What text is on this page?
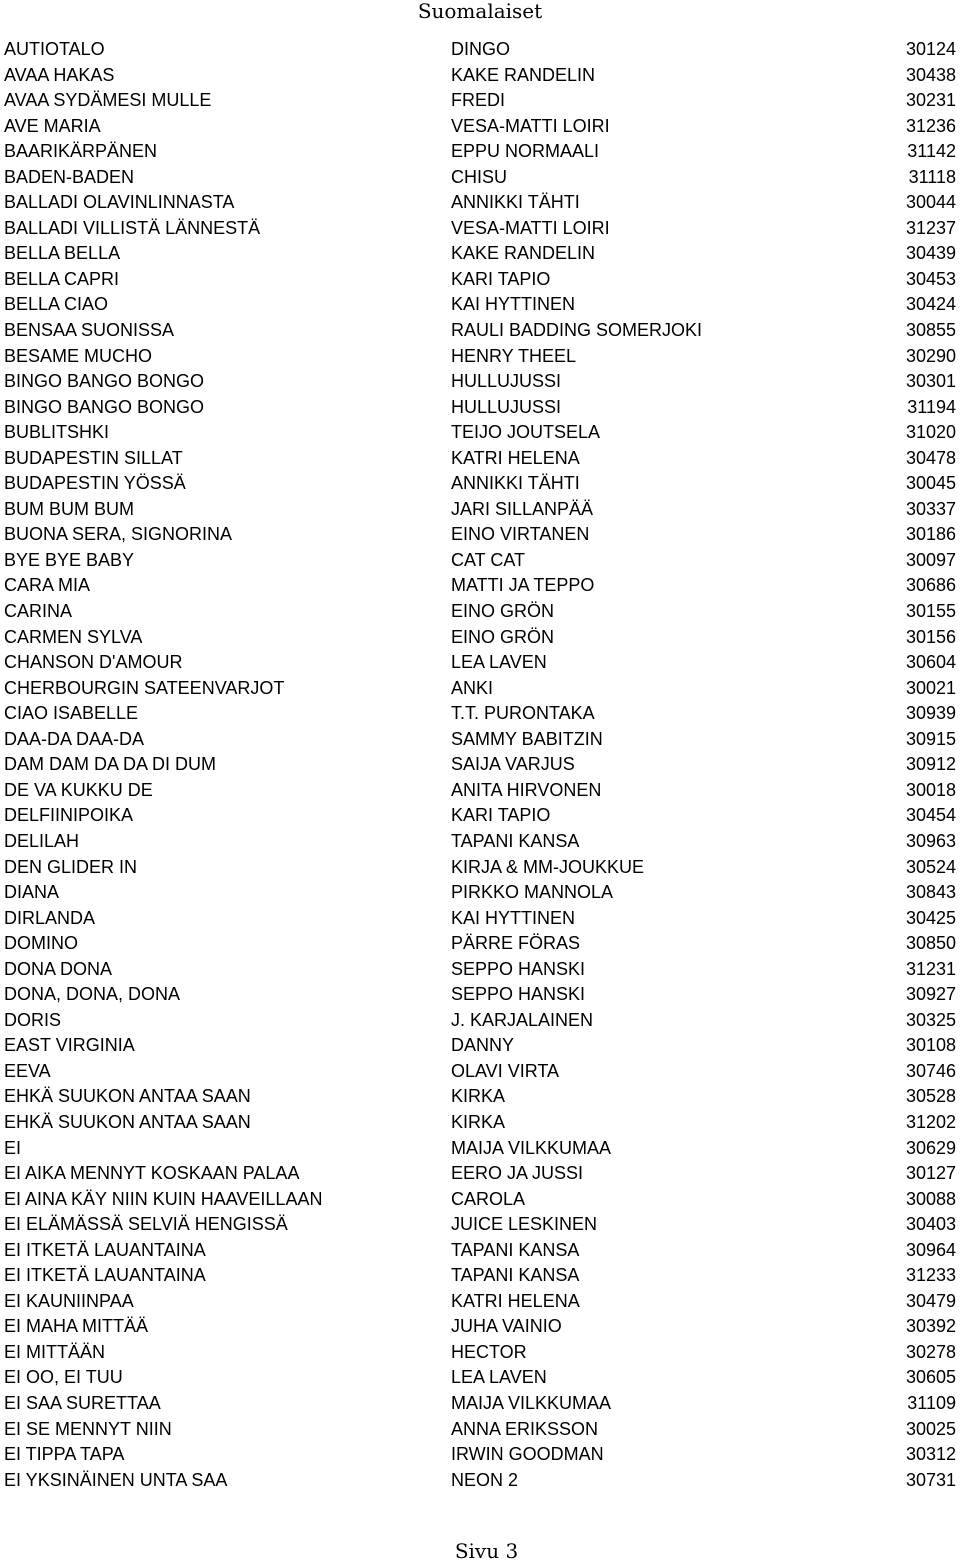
Suomalaiset
AUTIOTALO	DINGO	30124
AVAA HAKAS	KAKE RANDELIN	30438
AVAA SYDÄMESI MULLE	FREDI	30231
AVE MARIA	VESA-MATTI LOIRI	31236
BAARIKÄRPÄNEN	EPPU NORMAALI	31142
BADEN-BADEN	CHISU	31118
BALLADI OLAVINLINNASTA	ANNIKKI TÄHTI	30044
BALLADI VILLISTÄ LÄNNESTÄ	VESA-MATTI LOIRI	31237
BELLA BELLA	KAKE RANDELIN	30439
BELLA CAPRI	KARI TAPIO	30453
BELLA CIAO	KAI HYTTINEN	30424
BENSAA SUONISSA	RAULI BADDING SOMERJOKI	30855
BESAME MUCHO	HENRY THEEL	30290
BINGO BANGO BONGO	HULLUJUSSI	30301
BINGO BANGO BONGO	HULLUJUSSI	31194
BUBLITSHKI	TEIJO JOUTSELA	31020
BUDAPESTIN SILLAT	KATRI HELENA	30478
BUDAPESTIN YÖSSÄ	ANNIKKI TÄHTI	30045
BUM BUM BUM	JARI SILLANPÄÄ	30337
BUONA SERA, SIGNORINA	EINO VIRTANEN	30186
BYE BYE BABY	CAT CAT	30097
CARA MIA	MATTI JA TEPPO	30686
CARINA	EINO GRÖN	30155
CARMEN SYLVA	EINO GRÖN	30156
CHANSON D'AMOUR	LEA LAVEN	30604
CHERBOURGIN SATEENVARJOT	ANKI	30021
CIAO ISABELLE	T.T. PURONTAKA	30939
DAA-DA DAA-DA	SAMMY BABITZIN	30915
DAM DAM DA DA DI DUM	SAIJA VARJUS	30912
DE VA KUKKU DE	ANITA HIRVONEN	30018
DELFIINIPOIKA	KARI TAPIO	30454
DELILAH	TAPANI KANSA	30963
DEN GLIDER IN	KIRJA & MM-JOUKKUE	30524
DIANA	PIRKKO MANNOLA	30843
DIRLANDA	KAI HYTTINEN	30425
DOMINO	PÄRRE FÖRAS	30850
DONA DONA	SEPPO HANSKI	31231
DONA, DONA, DONA	SEPPO HANSKI	30927
DORIS	J. KARJALAINEN	30325
EAST VIRGINIA	DANNY	30108
EEVA	OLAVI VIRTA	30746
EHKÄ SUUKON ANTAA SAAN	KIRKA	30528
EHKÄ SUUKON ANTAA SAAN	KIRKA	31202
EI	MAIJA VILKKUMAA	30629
EI AIKA MENNYT KOSKAAN PALAA	EERO JA JUSSI	30127
EI AINA KÄY NIIN KUIN HAAVEILLAAN	CAROLA	30088
EI ELÄMÄSSÄ SELVIÄ HENGISSÄ	JUICE LESKINEN	30403
EI ITKETÄ LAUANTAINA	TAPANI KANSA	30964
EI ITKETÄ LAUANTAINA	TAPANI KANSA	31233
EI KAUNIINPAA	KATRI HELENA	30479
EI MAHA MITTÄÄ	JUHA VAINIO	30392
EI MITTÄÄN	HECTOR	30278
EI OO, EI TUU	LEA LAVEN	30605
EI SAA SURETTAA	MAIJA VILKKUMAA	31109
EI SE MENNYT NIIN	ANNA ERIKSSON	30025
EI TIPPA TAPA	IRWIN GOODMAN	30312
EI YKSINÄINEN UNTA SAA	NEON 2	30731
Sivu 3
